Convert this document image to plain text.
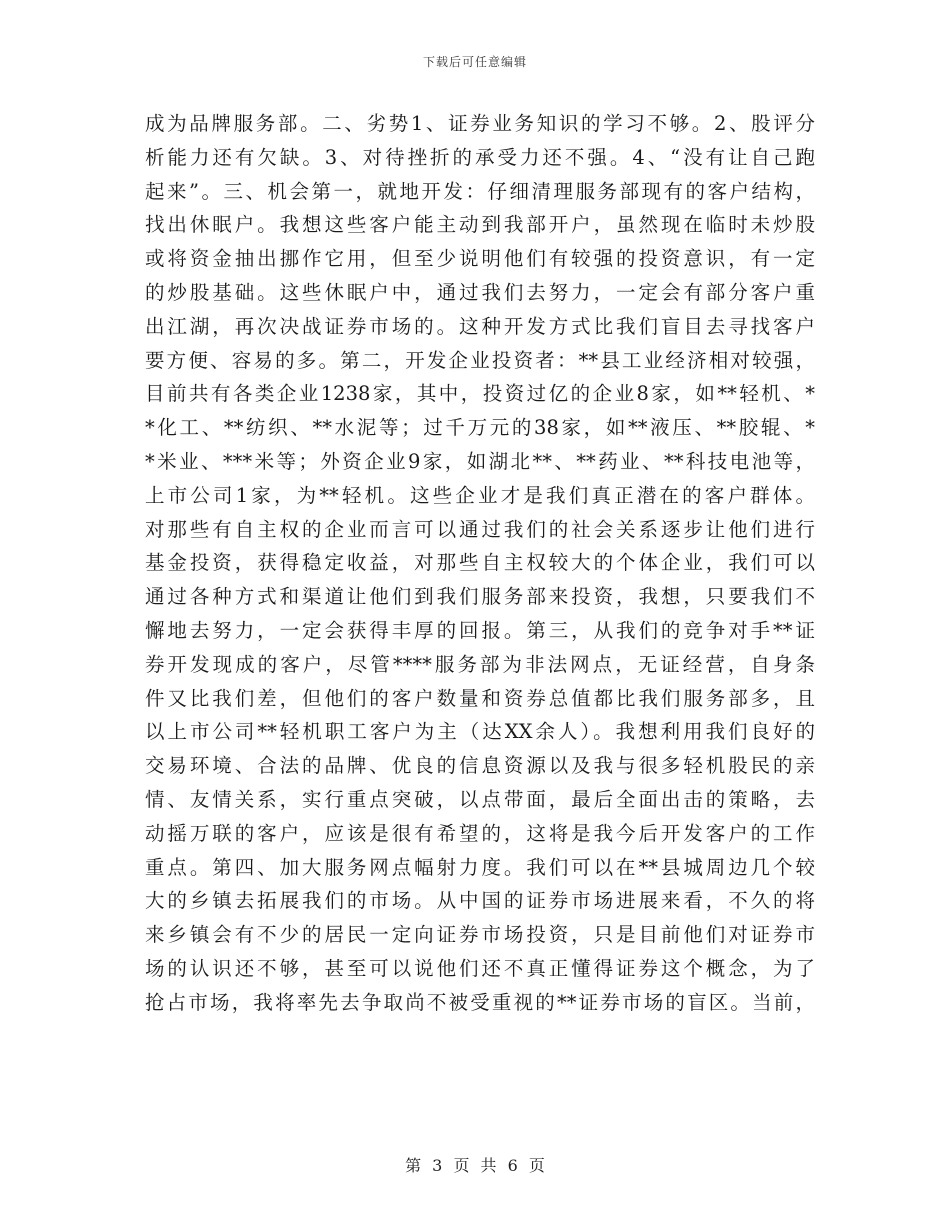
下载后可任意编辑
成为品牌服务部。二、劣势1、证券业务知识的学习不够。2、股评分
析能力还有欠缺。3、对待挫折的承受力还不强。4、“没有让自己跑
起来”。三、机会第一，就地开发：仔细清理服务部现有的客户结构，
找出休眠户。我想这些客户能主动到我部开户，虽然现在临时未炒股
或将资金抽出挪作它用，但至少说明他们有较强的投资意识，有一定
的炒股基础。这些休眠户中，通过我们去努力，一定会有部分客户重
出江湖，再次决战证券市场的。这种开发方式比我们盲目去寻找客户
要方便、容易的多。第二，开发企业投资者：**县工业经济相对较强，
目前共有各类企业1238家，其中，投资过亿的企业8家，如**轻机、*
*化工、**纺织、**水泥等；过千万元的38家，如**液压、**胶辊、*
*米业、***米等；外资企业9家，如湖北**、**药业、**科技电池等，
上市公司1家，为**轻机。这些企业才是我们真正潜在的客户群体。
对那些有自主权的企业而言可以通过我们的社会关系逐步让他们进行
基金投资，获得稳定收益，对那些自主权较大的个体企业，我们可以
通过各种方式和渠道让他们到我们服务部来投资，我想，只要我们不
懈地去努力，一定会获得丰厚的回报。第三，从我们的竞争对手**证
券开发现成的客户，尽管****服务部为非法网点，无证经营，自身条
件又比我们差，但他们的客户数量和资券总值都比我们服务部多，且
以上市公司**轻机职工客户为主（达XX余人）。我想利用我们良好的
交易环境、合法的品牌、优良的信息资源以及我与很多轻机股民的亲
情、友情关系，实行重点突破，以点带面，最后全面出击的策略，去
动摇万联的客户，应该是很有希望的，这将是我今后开发客户的工作
重点。第四、加大服务网点幅射力度。我们可以在**县城周边几个较
大的乡镇去拓展我们的市场。从中国的证券市场进展来看，不久的将
来乡镇会有不少的居民一定向证券市场投资，只是目前他们对证券市
场的认识还不够，甚至可以说他们还不真正懂得证券这个概念，为了
抢占市场，我将率先去争取尚不被受重视的**证券市场的盲区。当前，
第 3 页 共 6 页
